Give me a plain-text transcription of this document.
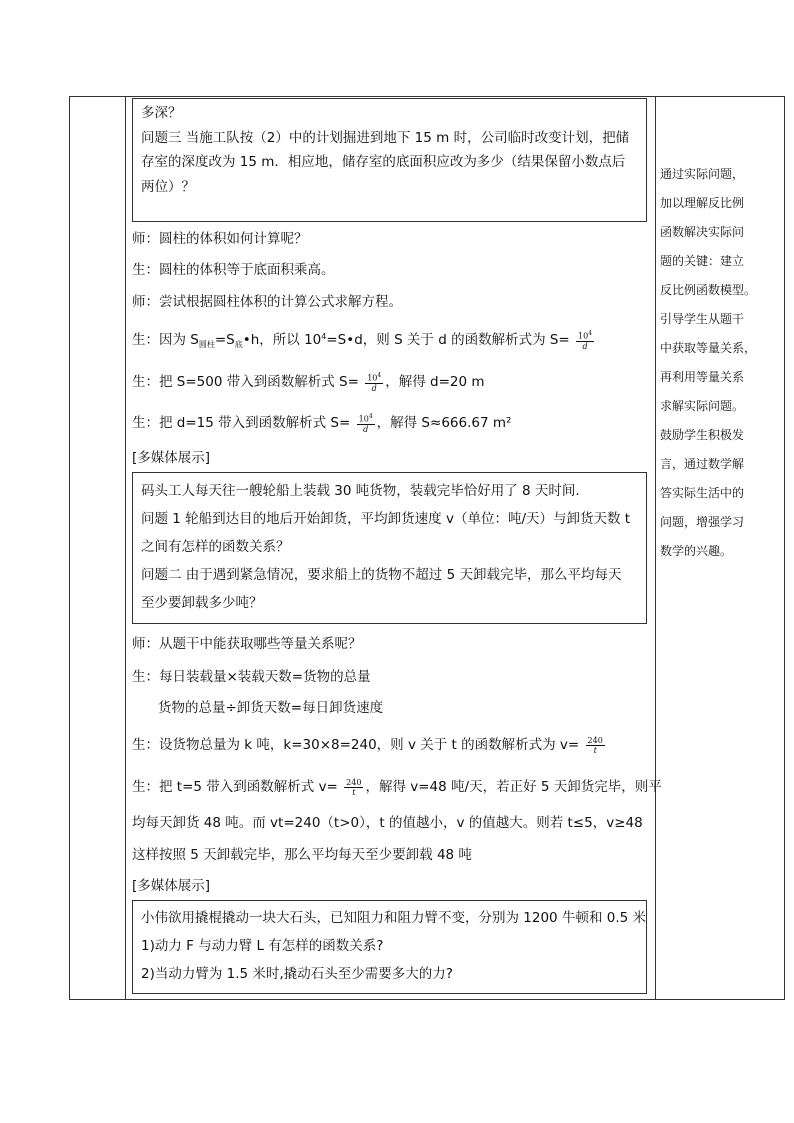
多深？
问题三 当施工队按（2）中的计划掘进到地下 15 m 时，公司临时改变计划，把储
存室的深度改为 15 m．相应地，储存室的底面积应改为多少（结果保留小数点后
两位）？
师：圆柱的体积如何计算呢？
生：圆柱的体积等于底面积乘高。
师：尝试根据圆柱体积的计算公式求解方程。
生：因为 $S_{圆柱}=S_底•h$，所以 $10^4=S•d$，则 S 关于 d 的函数解析式为 $S= \frac{10^4}{d}$
生：把 S=500 带入到函数解析式 $S= \frac{10^4}{d}$ ，解得 d=20 m
生：把 d=15 带入到函数解析式 $S= \frac{10^4}{d}$ ，解得 S≈666.67 m²
[多媒体展示]
码头工人每天往一艘轮船上装载 30 吨货物，装载完毕恰好用了 8 天时间.
问题 1 轮船到达目的地后开始卸货，平均卸货速度 v（单位：吨/天）与卸货天数 t
之间有怎样的函数关系？
问题二 由于遇到紧急情况，要求船上的货物不超过 5 天卸载完毕，那么平均每天
至少要卸载多少吨？
师：从题干中能获取哪些等量关系呢？
生：每日装载量×装载天数=货物的总量
货物的总量÷卸货天数=每日卸货速度
生：设货物总量为 k 吨，k=30×8=240，则 v 关于 t 的函数解析式为 $v= \frac{240}{t}$
生：把 t=5 带入到函数解析式 $v= \frac{240}{t}$ ，解得 v=48 吨/天，若正好 5 天卸货完毕，则平
均每天卸货 48 吨。而 vt=240（t>0），t 的值越小，v 的值越大。则若 t≤5，v≥48
这样按照 5 天卸载完毕，那么平均每天至少要卸载 48 吨
[多媒体展示]
小伟欲用撬棍撬动一块大石头，已知阻力和阻力臂不变，分别为 1200 牛顿和 0.5 米
1)动力 F 与动力臂 L 有怎样的函数关系?
2)当动力臂为 1.5 米时,撬动石头至少需要多大的力?
通过实际问题，
加以理解反比例
函数解决实际问
题的关键：建立
反比例函数模型。
引导学生从题干
中获取等量关系，
再利用等量关系
求解实际问题。
鼓励学生积极发
言，通过数学解
答实际生活中的
问题，增强学习
数学的兴趣。
